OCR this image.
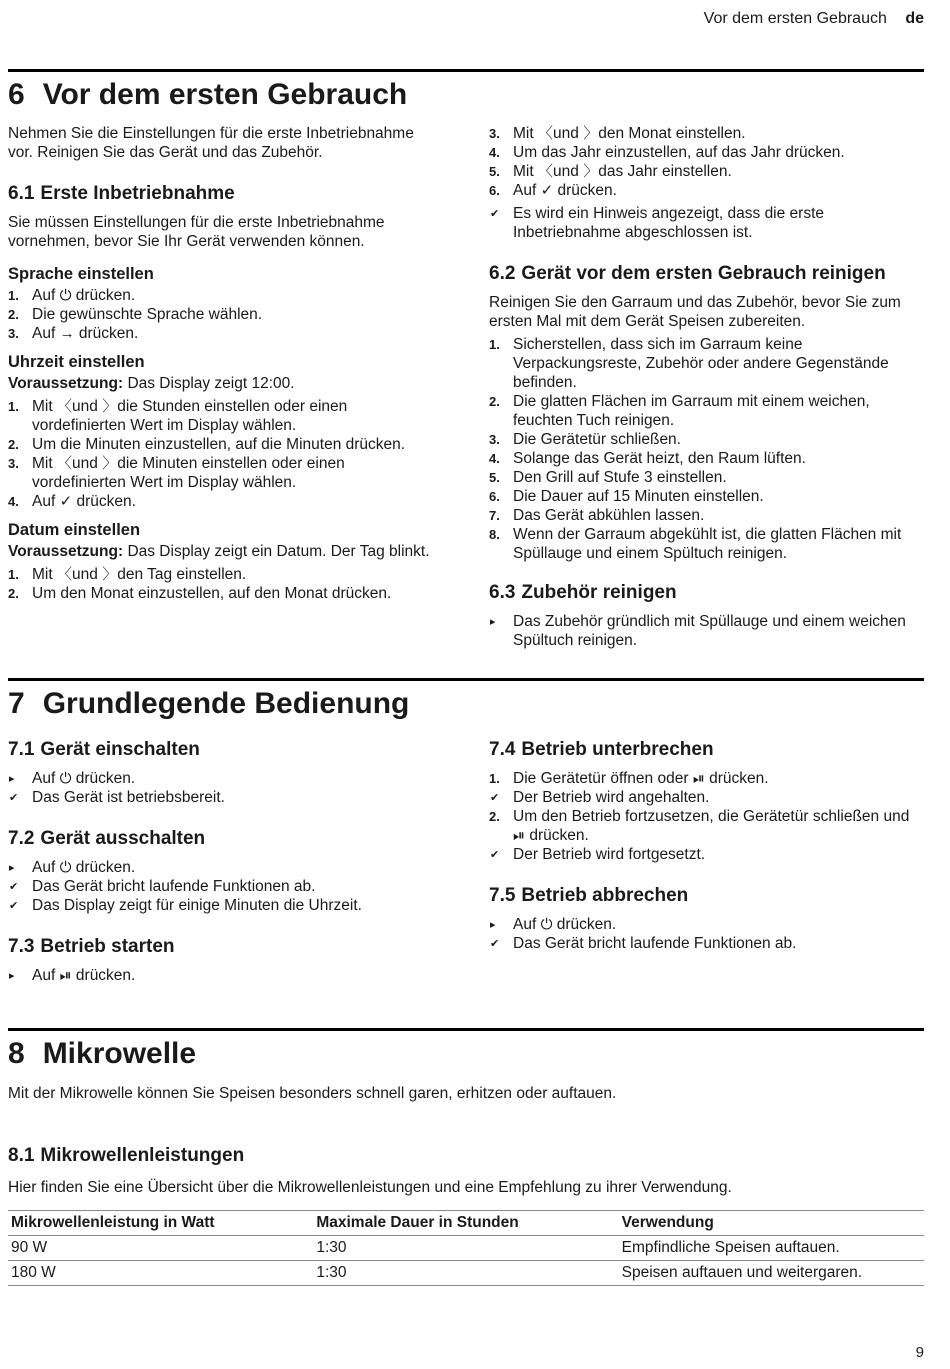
Vor dem ersten Gebrauch de
6 Vor dem ersten Gebrauch

Nehmen Sie die Einstellungen für die erste Inbetriebnahme vor. Reinigen Sie das Gerät und das Zubehör.

6.1 Erste Inbetriebnahme

Sie müssen Einstellungen für die erste Inbetriebnahme vornehmen, bevor Sie Ihr Gerät verwenden können.

Sprache einstellen
1. Auf ⏻ drücken.
2. Die gewünschte Sprache wählen.
3. Auf → drücken.
Uhrzeit einstellen

Voraussetzung: Das Display zeigt 12:00.

1. Mit 〈und 〉die Stunden einstellen oder einen vordefinierten Wert im Display wählen.
2. Um die Minuten einzustellen, auf die Minuten drücken.
3. Mit 〈und 〉die Minuten einstellen oder einen vordefinierten Wert im Display wählen.
4. Auf ✓ drücken.
Datum einstellen

Voraussetzung: Das Display zeigt ein Datum. Der Tag blinkt.

1. Mit 〈und 〉den Tag einstellen.
2. Um den Monat einzustellen, auf den Monat drücken.
3. Mit 〈und 〉den Monat einstellen.
4. Um das Jahr einzustellen, auf das Jahr drücken.
5. Mit 〈und 〉das Jahr einstellen.
6. Auf ✓ drücken.
✔ Es wird ein Hinweis angezeigt, dass die erste Inbetriebnahme abgeschlossen ist.
6.2 Gerät vor dem ersten Gebrauch reinigen

Reinigen Sie den Garraum und das Zubehör, bevor Sie zum ersten Mal mit dem Gerät Speisen zubereiten.

1. Sicherstellen, dass sich im Garraum keine Verpackungsreste, Zubehör oder andere Gegenstände befinden.
2. Die glatten Flächen im Garraum mit einem weichen, feuchten Tuch reinigen.
3. Die Gerätetür schließen.
4. Solange das Gerät heizt, den Raum lüften.
5. Den Grill auf Stufe 3 einstellen.
6. Die Dauer auf 15 Minuten einstellen.
7. Das Gerät abkühlen lassen.
8. Wenn der Garraum abgekühlt ist, die glatten Flächen mit Spüllauge und einem Spültuch reinigen.
6.3 Zubehör reinigen
▸ Das Zubehör gründlich mit Spüllauge und einem weichen Spültuch reinigen.
7 Grundlegende Bedienung
7.1 Gerät einschalten
▸ Auf ⏻ drücken.
✔ Das Gerät ist betriebsbereit.
7.2 Gerät ausschalten
▸ Auf ⏻ drücken.
✔ Das Gerät bricht laufende Funktionen ab.
✔ Das Display zeigt für einige Minuten die Uhrzeit.
7.3 Betrieb starten
▸ Auf ⏯ drücken.
7.4 Betrieb unterbrechen
1. Die Gerätetür öffnen oder ⏯ drücken.
✔ Der Betrieb wird angehalten.
2. Um den Betrieb fortzusetzen, die Gerätetür schließen und ⏯ drücken.
✔ Der Betrieb wird fortgesetzt.
7.5 Betrieb abbrechen
▸ Auf ⏻ drücken.
✔ Das Gerät bricht laufende Funktionen ab.
8 Mikrowelle
Mit der Mikrowelle können Sie Speisen besonders schnell garen, erhitzen oder auftauen.
8.1 Mikrowellenleistungen
Hier finden Sie eine Übersicht über die Mikrowellenleistungen und eine Empfehlung zu ihrer Verwendung.
Mikrowellenleistung in Watt	Maximale Dauer in Stunden	Verwendung
90 W	1:30	Empfindliche Speisen auftauen.
180 W	1:30	Speisen auftauen und weitergaren.
9
